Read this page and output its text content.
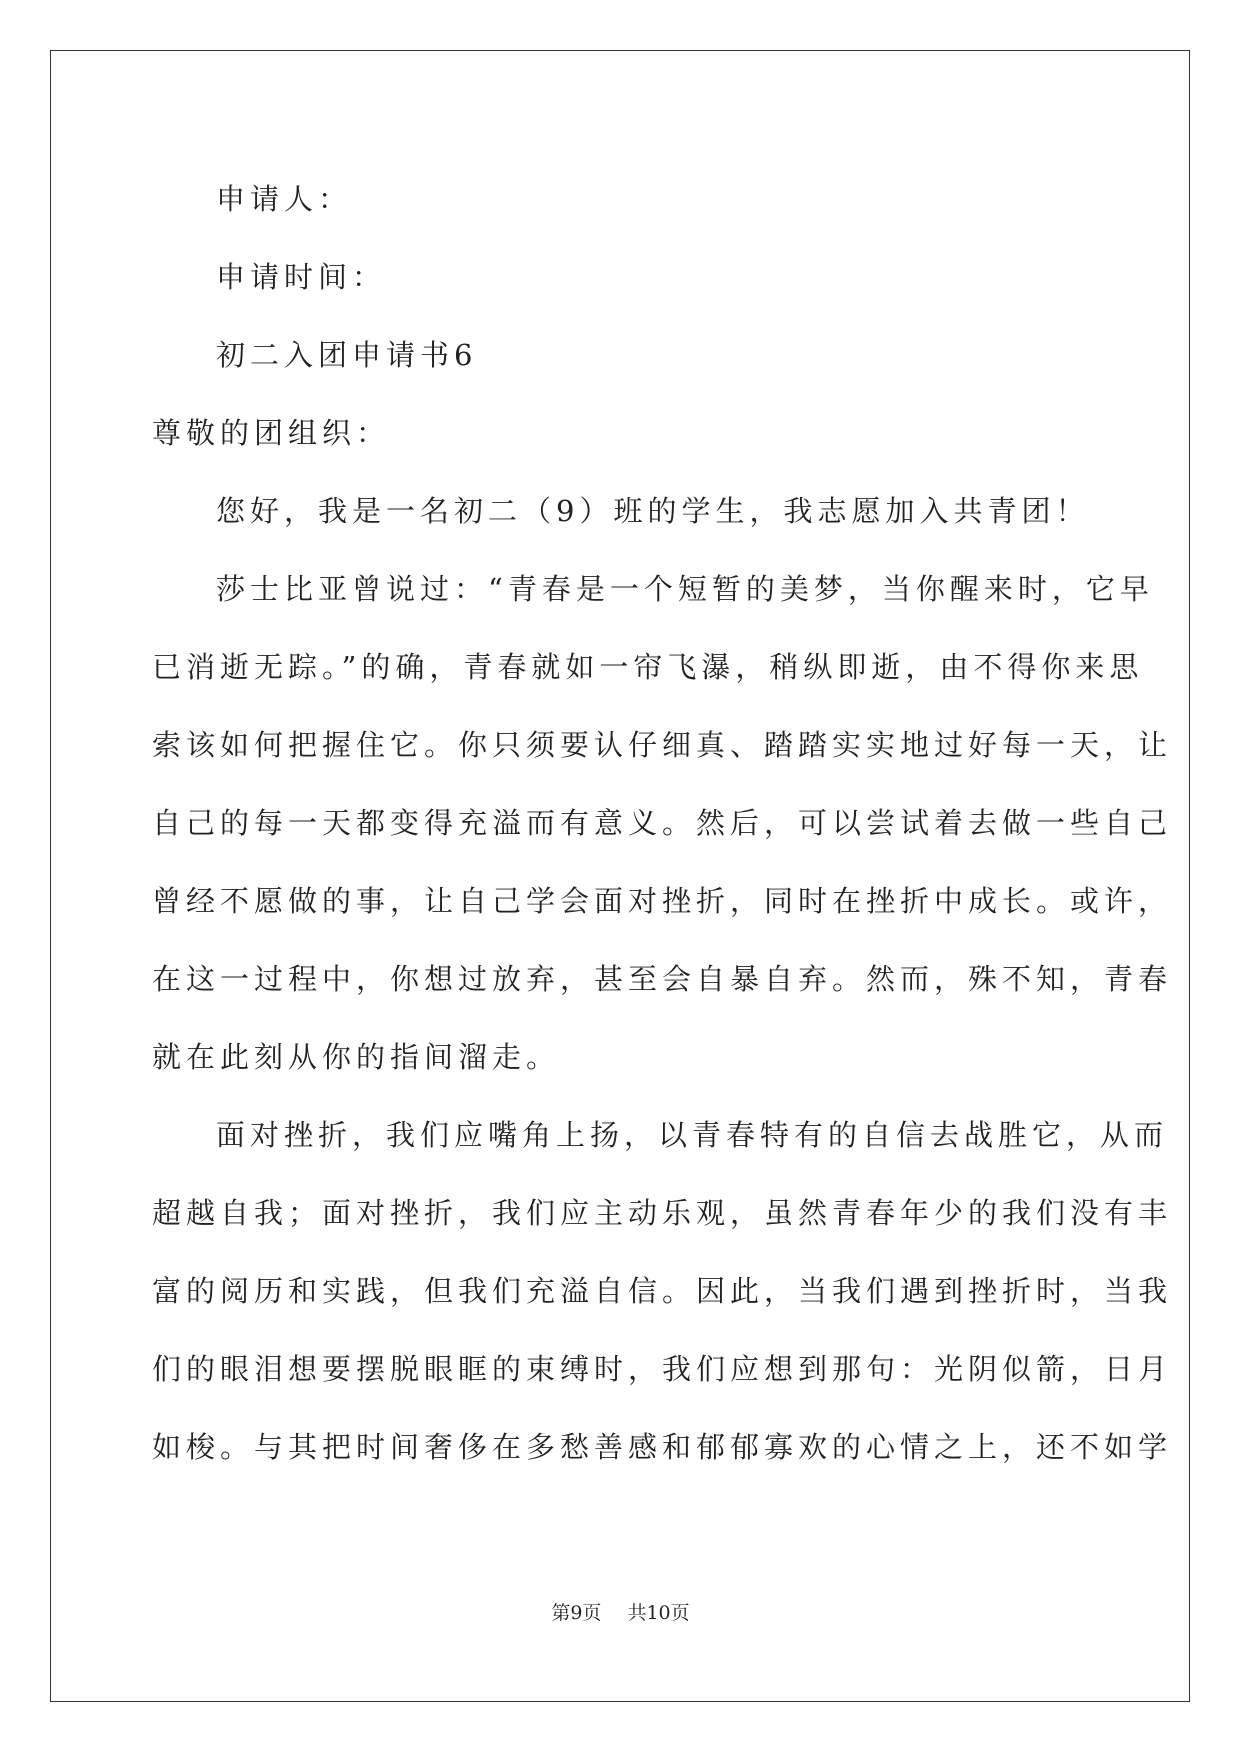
申请人：
申请时间：
初二入团申请书6
尊敬的团组织：
您好，我是一名初二（9）班的学生，我志愿加入共青团！
莎士比亚曾说过：“青春是一个短暂的美梦，当你醒来时，它早
已消逝无踪。”的确，青春就如一帘飞瀑，稍纵即逝，由不得你来思
索该如何把握住它。你只须要认仔细真、踏踏实实地过好每一天，让
自己的每一天都变得充溢而有意义。然后，可以尝试着去做一些自己
曾经不愿做的事，让自己学会面对挫折，同时在挫折中成长。或许，
在这一过程中，你想过放弃，甚至会自暴自弃。然而，殊不知，青春
就在此刻从你的指间溜走。
面对挫折，我们应嘴角上扬，以青春特有的自信去战胜它，从而
超越自我；面对挫折，我们应主动乐观，虽然青春年少的我们没有丰
富的阅历和实践，但我们充溢自信。因此，当我们遇到挫折时，当我
们的眼泪想要摆脱眼眶的束缚时，我们应想到那句：光阴似箭，日月
如梭。与其把时间奢侈在多愁善感和郁郁寡欢的心情之上，还不如学
第9页 共10页
